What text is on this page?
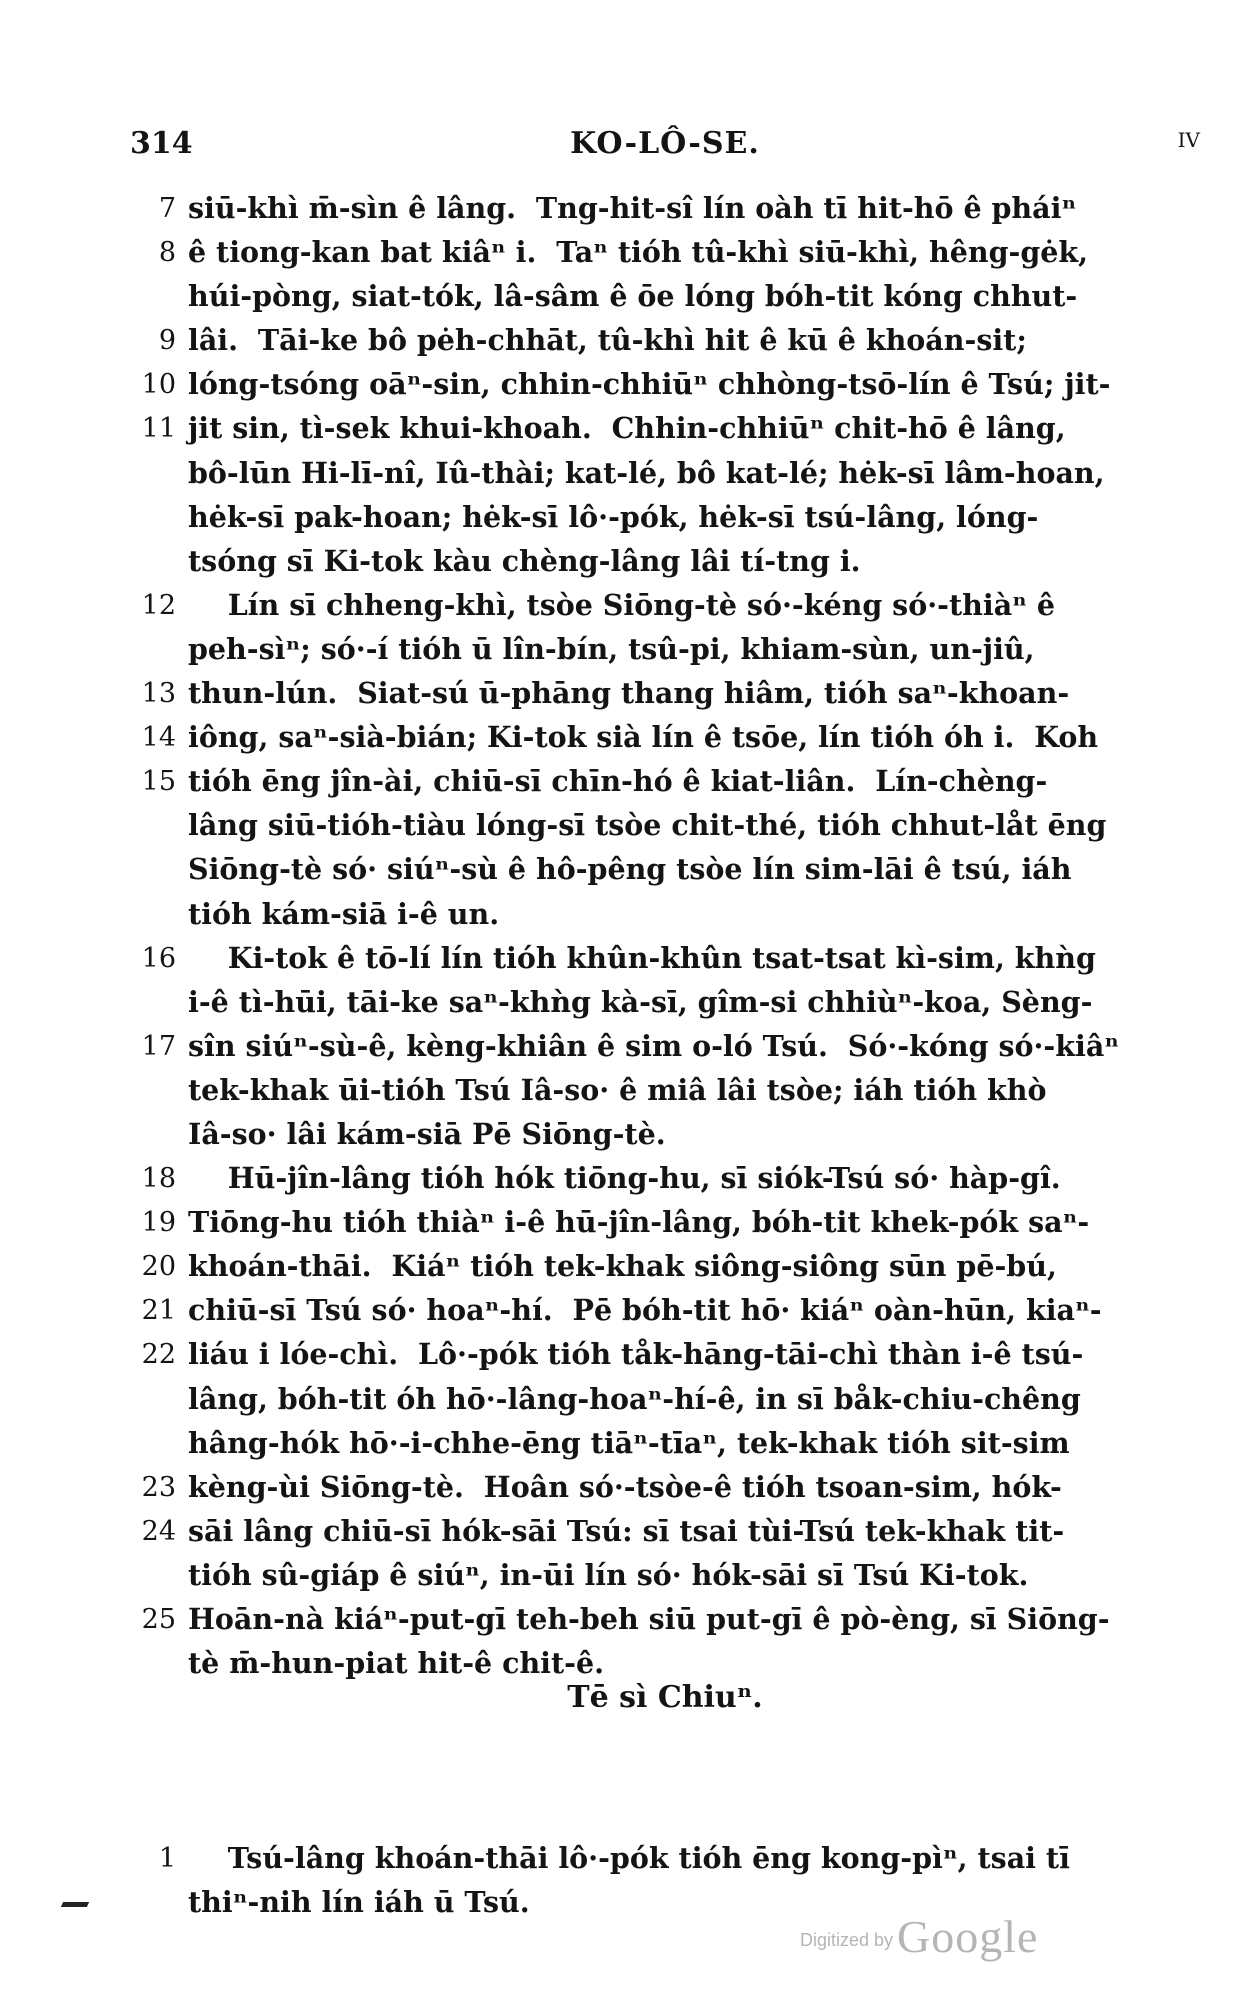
314	KO-LÔ-SE.	IV
7 siū-khì m̄-sìn ê lâng.  Tng-hit-sî lín oàh tī hit-hō ê pháiⁿ
8 ê tiong-kan bat kiâⁿ i.  Taⁿ tióh tû-khì siū-khì, hêng-gėk,
húi-pòng, siat-tók, lâ-sâm ê ōe lóng bóh-tit kóng chhut-
9 lâi.  Tāi-ke bô pėh-chhāt, tû-khì hit ê kū ê khoán-sit;
10 lóng-tsóng oāⁿ-sin, chhin-chhiūⁿ chhòng-tsō-lín ê Tsú; jit-
11 jit sin, tì-sek khui-khoah.  Chhin-chhiūⁿ chit-hō ê lâng,
bô-lūn Hi-lī-nî, Iû-thài; kat-lé, bô kat-lé; hėk-sī lâm-hoan,
hėk-sī pak-hoan; hėk-sī lô·-pók, hėk-sī tsú-lâng, lóng-
tsóng sī Ki-tok kàu chèng-lâng lâi tí-tng i.
12 Lín sī chheng-khì, tsòe Siōng-tè só·-kéng só·-thiàⁿ ê
peh-sìⁿ; só·-í tióh ū lîn-bín, tsû-pi, khiam-sùn, un-jiû,
13 thun-lún.  Siat-sú ū-phāng thang hiâm, tióh saⁿ-khoan-
14 iông, saⁿ-sià-bián; Ki-tok sià lín ê tsōe, lín tióh óh i.  Koh
15 tióh ēng jîn-ài, chiū-sī chīn-hó ê kiat-liân.  Lín-chèng-
lâng siū-tióh-tiàu lóng-sī tsòe chit-thé, tióh chhut-låt ēng
Siōng-tè só· siúⁿ-sù ê hô-pêng tsòe lín sim-lāi ê tsú, iáh
tióh kám-siā i-ê un.
16 Ki-tok ê tō-lí lín tióh khûn-khûn tsat-tsat kì-sim, khǹg
i-ê tì-hūi, tāi-ke saⁿ-khǹg kà-sī, gîm-si chhiùⁿ-koa, Sèng-
17 sîn siúⁿ-sù-ê, kèng-khiân ê sim o-ló Tsú.  Só·-kóng só·-kiâⁿ
tek-khak ūi-tióh Tsú Iâ-so· ê miâ lâi tsòe; iáh tióh khò
Iâ-so· lâi kám-siā Pē Siōng-tè.
18 Hū-jîn-lâng tióh hók tiōng-hu, sī siók-Tsú só· hàp-gî.
19 Tiōng-hu tióh thiàⁿ i-ê hū-jîn-lâng, bóh-tit khek-pók saⁿ-
20 khoán-thāi.  Kiáⁿ tióh tek-khak siông-siông sūn pē-bú,
21 chiū-sī Tsú só· hoaⁿ-hí.  Pē bóh-tit hō· kiáⁿ oàn-hūn, kiaⁿ-
22 liáu i lóe-chì.  Lô·-pók tióh tåk-hāng-tāi-chì thàn i-ê tsú-
lâng, bóh-tit óh hō·-lâng-hoaⁿ-hí-ê, in sī båk-chiu-chêng
hâng-hók hō·-i-chhe-ēng tiāⁿ-tīaⁿ, tek-khak tióh sit-sim
23 kèng-ùi Siōng-tè.  Hoân só·-tsòe-ê tióh tsoan-sim, hók-
24 sāi lâng chiū-sī hók-sāi Tsú: sī tsai tùi-Tsú tek-khak tit-
tióh sû-giáp ê siúⁿ, in-ūi lín só· hók-sāi sī Tsú Ki-tok.
25 Hoān-nà kiáⁿ-put-gī teh-beh siū put-gī ê pò-èng, sī Siōng-
tè m̄-hun-piat hit-ê chit-ê.
Tē sì Chiuⁿ.
1 Tsú-lâng khoán-thāi lô·-pók tióh ēng kong-pìⁿ, tsai tī
thiⁿ-nih lín iáh ū Tsú.
Digitized by Google
